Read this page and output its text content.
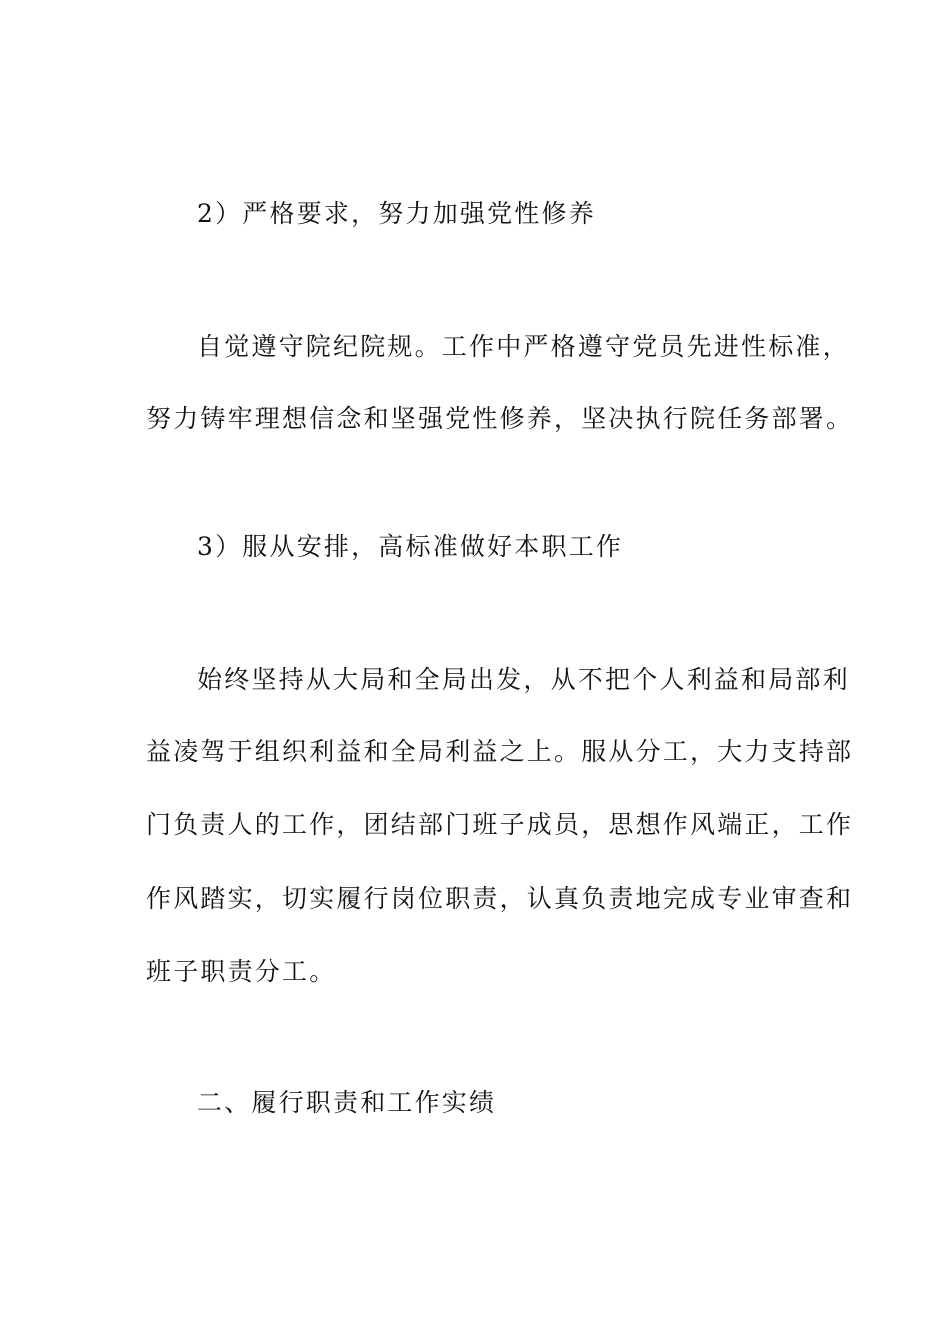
2）严格要求，努力加强党性修养
自觉遵守院纪院规。工作中严格遵守党员先进性标准，
努力铸牢理想信念和坚强党性修养，坚决执行院任务部署。
3）服从安排，高标准做好本职工作
始终坚持从大局和全局出发，从不把个人利益和局部利
益凌驾于组织利益和全局利益之上。服从分工，大力支持部
门负责人的工作，团结部门班子成员，思想作风端正，工作
作风踏实，切实履行岗位职责，认真负责地完成专业审查和
班子职责分工。
二、履行职责和工作实绩
